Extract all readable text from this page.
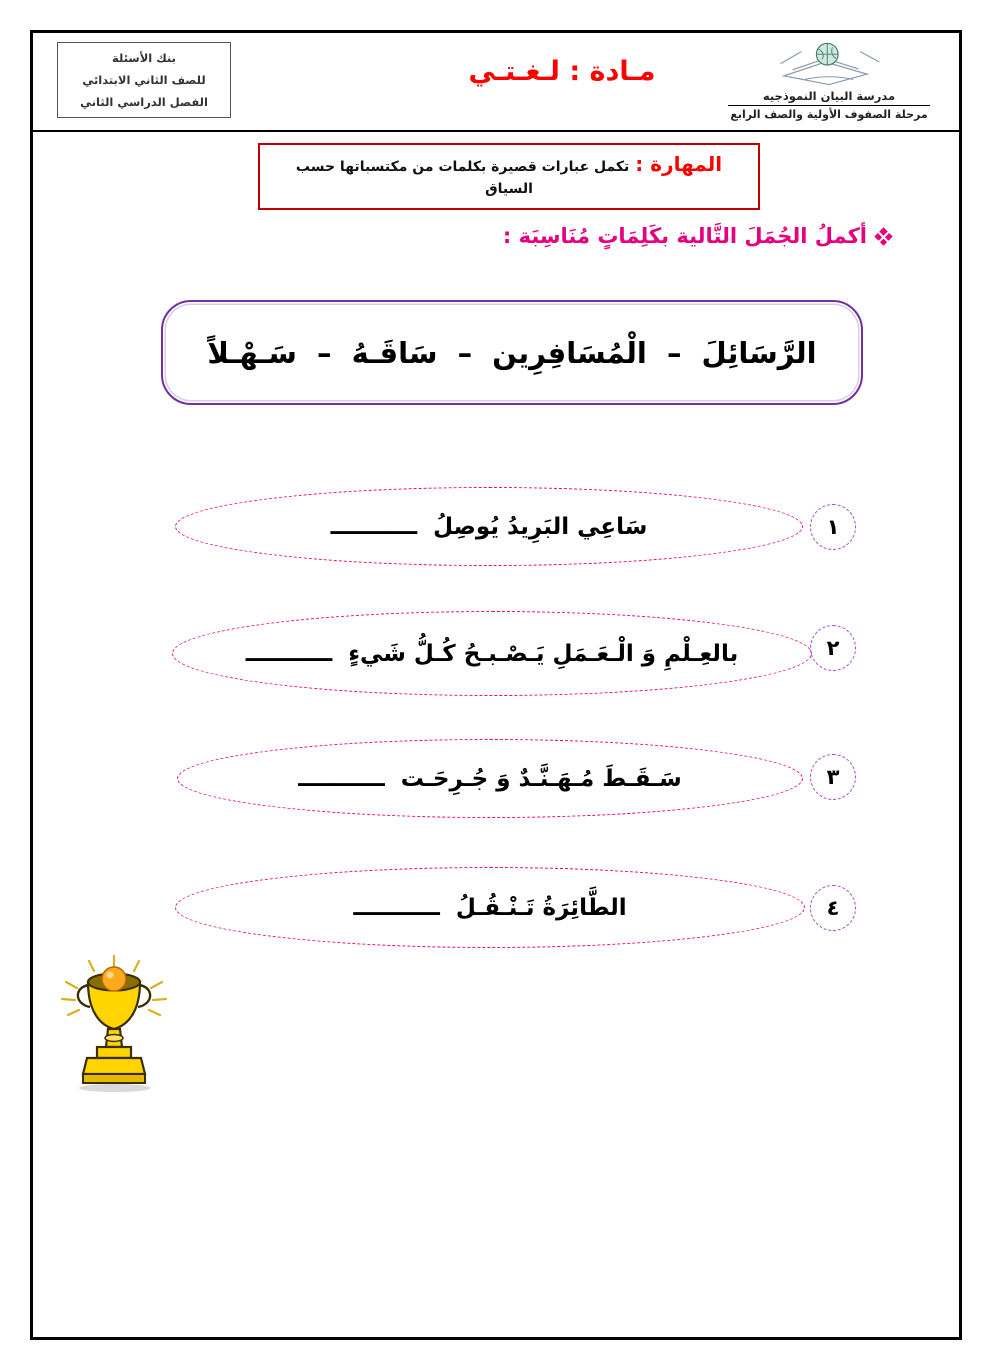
بنك الأسئلة
للصف الثاني الابتدائي
الفصل الدراسي الثاني
مـادة : لـغـتـي
مدرسة البيان النموذجيه
مرحلة الصفوف الأولية والصف الرابع
المهارة :تكمل عبارات قصيرة بكلمات من مكتسباتها حسب السياق
أكملُ الجُمَلَ التَّالية بكَلِمَاتٍ مُنَاسِبَة :
الرَّسَائِلَ – الْمُسَافِرِين – سَاقَـهُ – سَـهْـلاً
سَاعِي البَرِيدُ يُوصِلُ
ـــــــــــ	١
بالعِـلْمِ وَ الْـعَـمَلِ يَـصْـبـحُ كُـلُّ شَيءٍ
ـــــــــــ	٢
سَـقَـطَ مُـهَـنَّـدٌ وَ جُـرِحَـت
ـــــــــــ	٣
الطَّائِرَةُ تَـنْـقُـلُ
ـــــــــــ	٤
